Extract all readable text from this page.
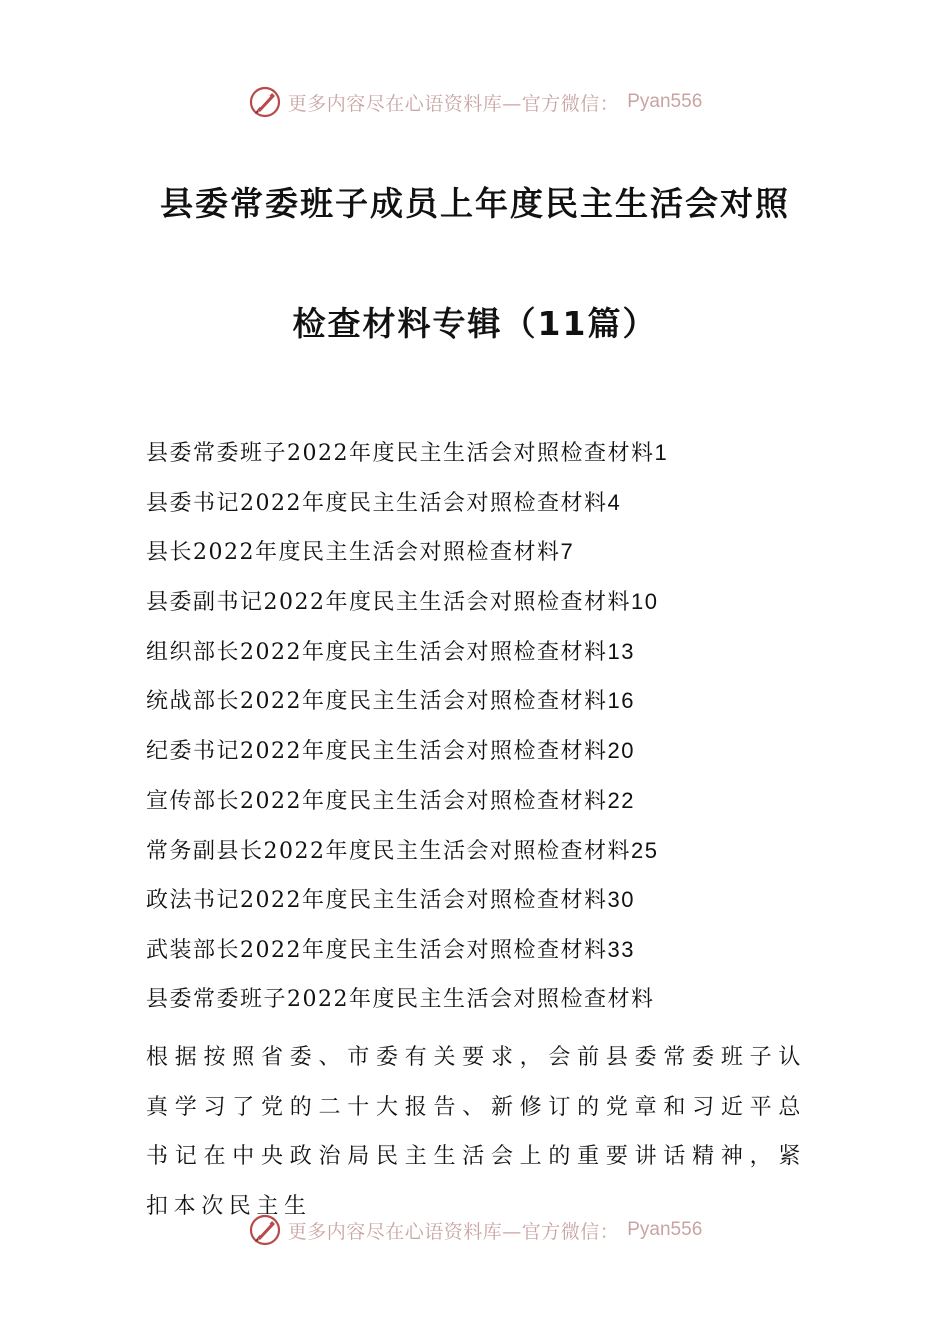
更多内容尽在心语资料库—官方微信： Pyan556
县委常委班子成员上年度民主生活会对照
检查材料专辑（11篇）
县委常委班子2022年度民主生活会对照检查材料1
县委书记2022年度民主生活会对照检查材料4
县长2022年度民主生活会对照检查材料7
县委副书记2022年度民主生活会对照检查材料10
组织部长2022年度民主生活会对照检查材料13
统战部长2022年度民主生活会对照检查材料16
纪委书记2022年度民主生活会对照检查材料20
宣传部长2022年度民主生活会对照检查材料22
常务副县长2022年度民主生活会对照检查材料25
政法书记2022年度民主生活会对照检查材料30
武装部长2022年度民主生活会对照检查材料33
县委常委班子2022年度民主生活会对照检查材料

根据按照省委、市委有关要求，会前县委常委班子认真学习了党的二十大报告、新修订的党章和习近平总书记在中央政治局民主生活会上的重要讲话精神，紧扣本次民主生

更多内容尽在心语资料库—官方微信： Pyan556
